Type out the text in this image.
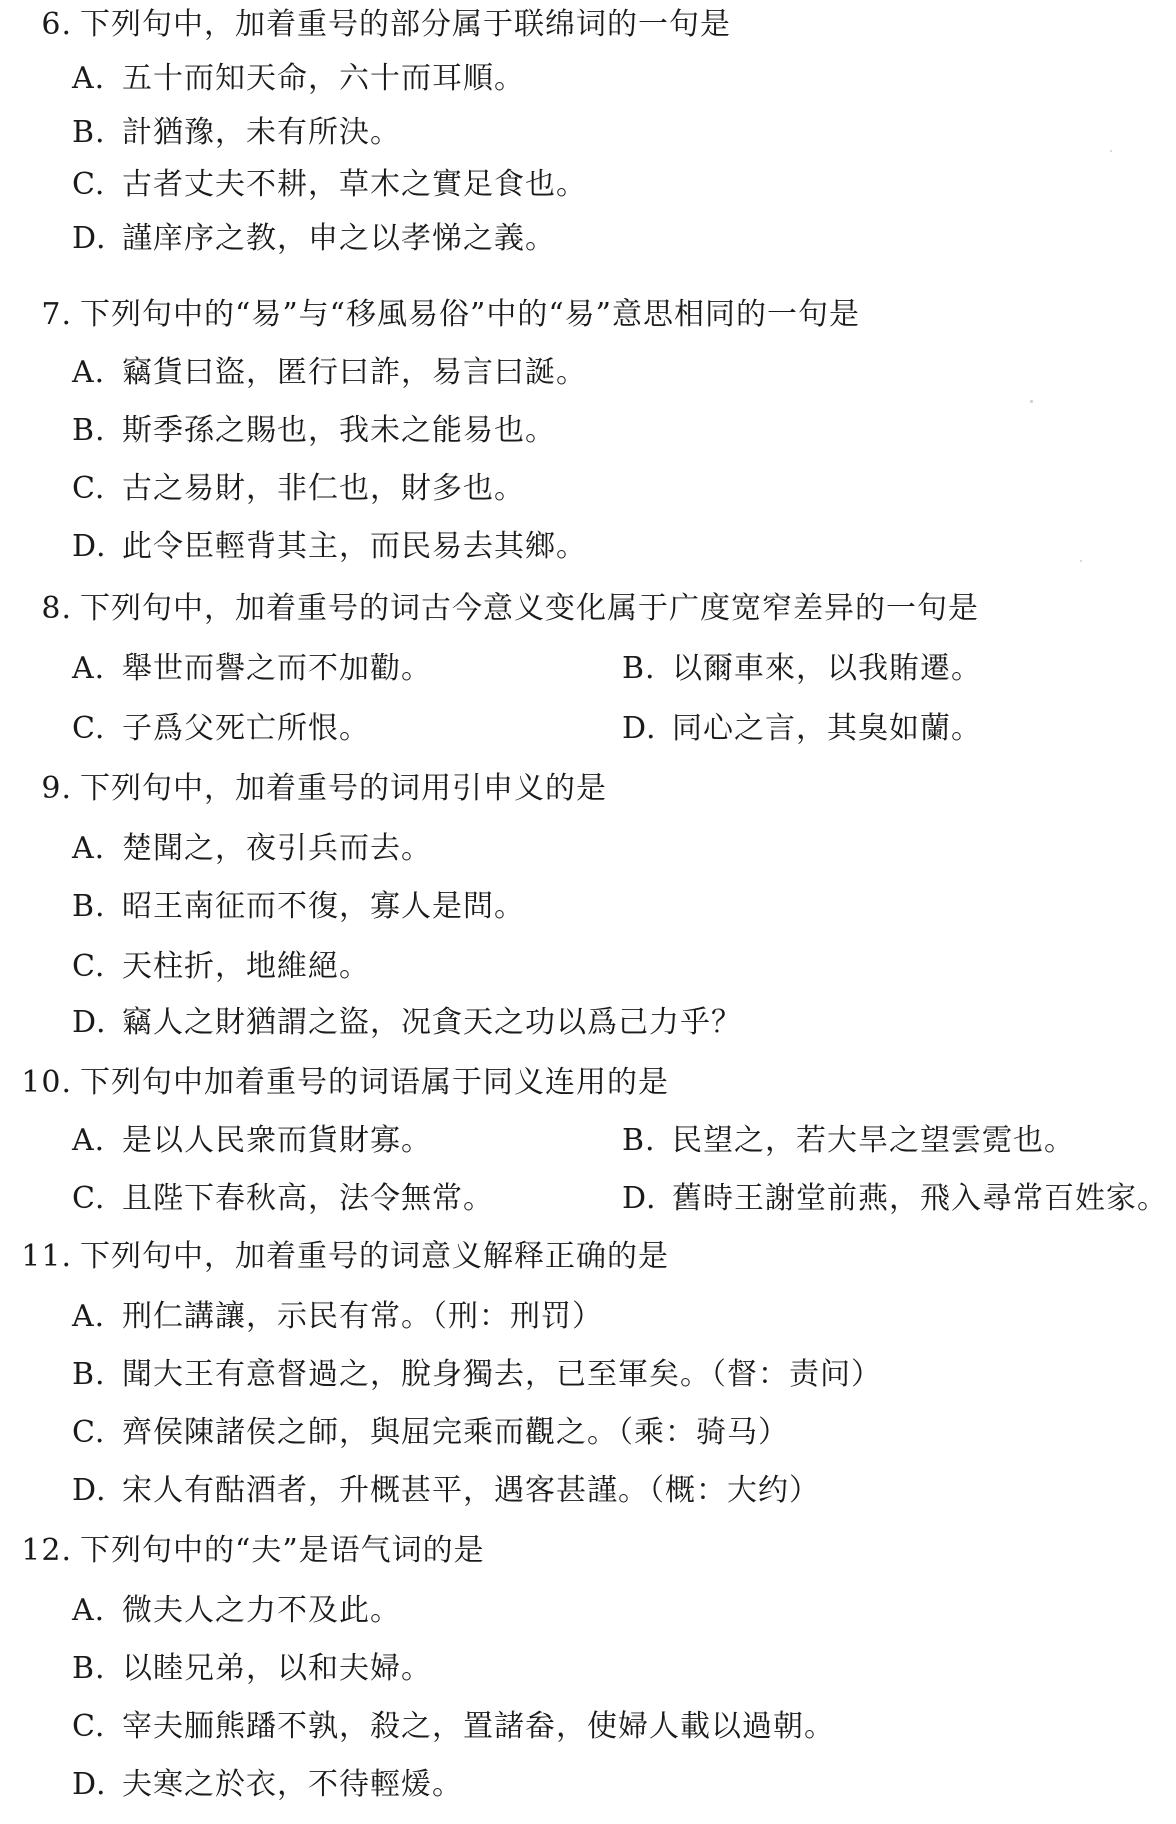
6. 下列句中，加着重号的部分属于联绵词的一句是
A. 五十而知天命，六十而耳順。
B. 計猶豫，未有所決。
C. 古者丈夫不耕，草木之實足食也。
D. 謹庠序之教，申之以孝悌之義。
7. 下列句中的“易”与“移風易俗”中的“易”意思相同的一句是
A. 竊貨曰盜，匿行曰詐，易言曰誕。
B. 斯季孫之賜也，我未之能易也。
C. 古之易財，非仁也，財多也。
D. 此令臣輕背其主，而民易去其鄉。
8. 下列句中，加着重号的词古今意义变化属于广度宽窄差异的一句是
A. 舉世而譽之而不加勸。	B. 以爾車來，以我賄遷。
C. 子爲父死亡所恨。	D. 同心之言，其臭如蘭。
9. 下列句中，加着重号的词用引申义的是
A. 楚聞之，夜引兵而去。
B. 昭王南征而不復，寡人是問。
C. 天柱折，地維絕。
D. 竊人之財猶謂之盜，况貪天之功以爲己力乎？
10. 下列句中加着重号的词语属于同义连用的是
A. 是以人民衆而貨財寡。	B. 民望之，若大旱之望雲霓也。
C. 且陛下春秋高，法令無常。	D. 舊時王謝堂前燕，飛入尋常百姓家。
11. 下列句中，加着重号的词意义解释正确的是
A. 刑仁講讓，示民有常。（刑：刑罚）
B. 聞大王有意督過之，脫身獨去，已至軍矣。（督：责问）
C. 齊侯陳諸侯之師，與屈完乘而觀之。（乘：骑马）
D. 宋人有酤酒者，升概甚平，遇客甚謹。（概：大约）
12. 下列句中的“夫”是语气词的是
A. 微夫人之力不及此。
B. 以睦兄弟，以和夫婦。
C. 宰夫胹熊蹯不孰，殺之，置諸畚，使婦人載以過朝。
D. 夫寒之於衣，不待輕煖。
